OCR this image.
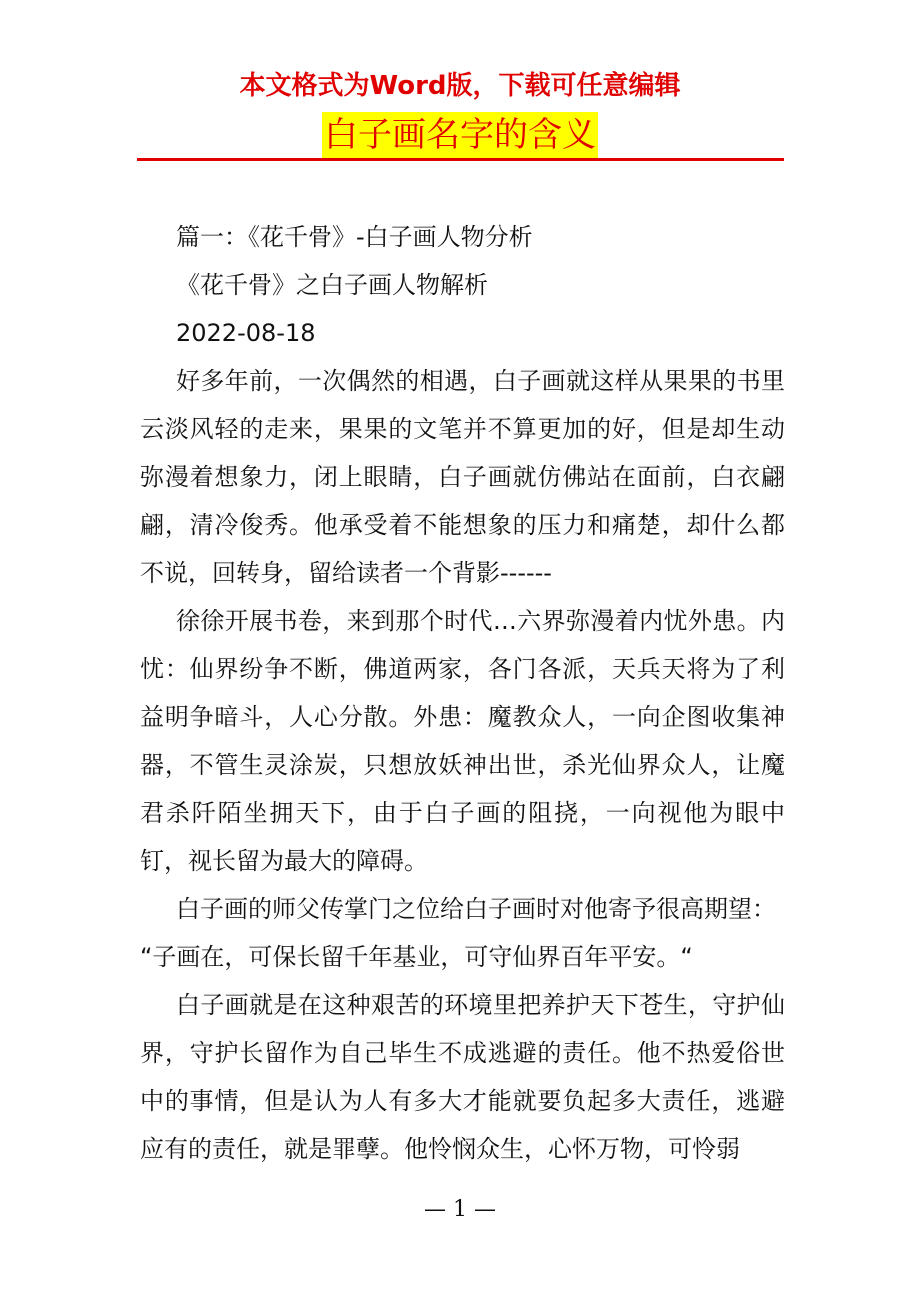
本文格式为Word版，下载可任意编辑
白子画名字的含义

篇一：《花千骨》-白子画人物分析

《花千骨》之白子画人物解析

2022-08-18

好多年前，一次偶然的相遇，白子画就这样从果果的书里云淡风轻的走来，果果的文笔并不算更加的好，但是却生动弥漫着想象力，闭上眼睛，白子画就仿佛站在面前，白衣翩翩，清冷俊秀。他承受着不能想象的压力和痛楚，却什么都不说，回转身，留给读者一个背影------

徐徐开展书卷，来到那个时代…六界弥漫着内忧外患。内忧：仙界纷争不断，佛道两家，各门各派，天兵天将为了利益明争暗斗，人心分散。外患：魔教众人，一向企图收集神器，不管生灵涂炭，只想放妖神出世，杀光仙界众人，让魔君杀阡陌坐拥天下，由于白子画的阻挠，一向视他为眼中钉，视长留为最大的障碍。

白子画的师父传掌门之位给白子画时对他寄予很高期望：

“子画在，可保长留千年基业，可守仙界百年平安。“

白子画就是在这种艰苦的环境里把养护天下苍生，守护仙界，守护长留作为自己毕生不成逃避的责任。他不热爱俗世中的事情，但是认为人有多大才能就要负起多大责任，逃避应有的责任，就是罪孽。他怜悯众生，心怀万物，可怜弱

— 1 —
